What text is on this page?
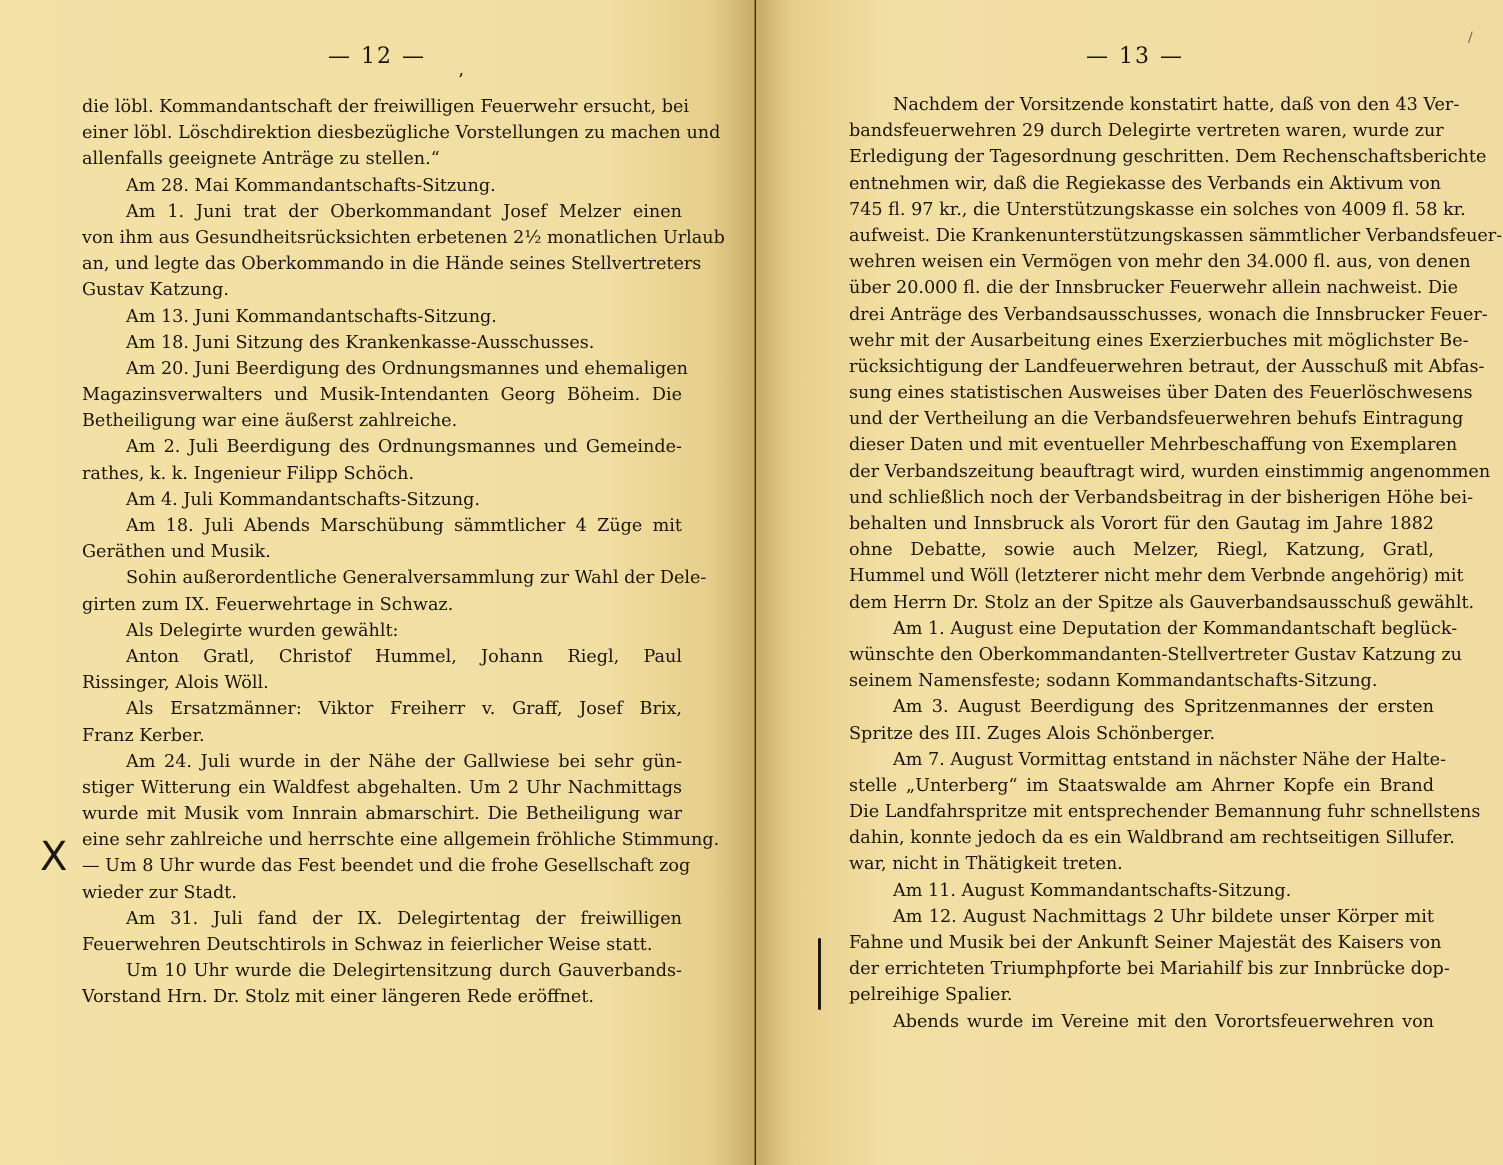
— 12 —
’
die löbl. Kommandantschaft der freiwilligen Feuerwehr ersucht, bei
einer löbl. Löschdirektion diesbezügliche Vorstellungen zu machen und
allenfalls geeignete Anträge zu stellen.“
Am 28. Mai Kommandantschafts-Sitzung.
Am 1. Juni trat der Oberkommandant Josef Melzer einen
von ihm aus Gesundheitsrücksichten erbetenen 2½ monatlichen Urlaub
an, und legte das Oberkommando in die Hände seines Stellvertreters
Gustav Katzung.
Am 13. Juni Kommandantschafts-Sitzung.
Am 18. Juni Sitzung des Krankenkasse-Ausschusses.
Am 20. Juni Beerdigung des Ordnungsmannes und ehemaligen
Magazinsverwalters und Musik-Intendanten Georg Böheim. Die
Betheiligung war eine äußerst zahlreiche.
Am 2. Juli Beerdigung des Ordnungsmannes und Gemeinde-
rathes, k. k. Ingenieur Filipp Schöch.
Am 4. Juli Kommandantschafts-Sitzung.
Am 18. Juli Abends Marschübung sämmtlicher 4 Züge mit
Geräthen und Musik.
Sohin außerordentliche Generalversammlung zur Wahl der Dele-
girten zum IX. Feuerwehrtage in Schwaz.
Als Delegirte wurden gewählt:
Anton Gratl, Christof Hummel, Johann Riegl, Paul
Rissinger, Alois Wöll.
Als Ersatzmänner: Viktor Freiherr v. Graff, Josef Brix,
Franz Kerber.
Am 24. Juli wurde in der Nähe der Gallwiese bei sehr gün-
stiger Witterung ein Waldfest abgehalten. Um 2 Uhr Nachmittags
wurde mit Musik vom Innrain abmarschirt. Die Betheiligung war
eine sehr zahlreiche und herrschte eine allgemein fröhliche Stimmung.
— Um 8 Uhr wurde das Fest beendet und die frohe Gesellschaft zog
wieder zur Stadt.
Am 31. Juli fand der IX. Delegirtentag der freiwilligen
Feuerwehren Deutschtirols in Schwaz in feierlicher Weise statt.
Um 10 Uhr wurde die Delegirtensitzung durch Gauverbands-
Vorstand Hrn. Dr. Stolz mit einer längeren Rede eröffnet.
X
— 13 —
/
Nachdem der Vorsitzende konstatirt hatte, daß von den 43 Ver-
bandsfeuerwehren 29 durch Delegirte vertreten waren, wurde zur
Erledigung der Tagesordnung geschritten. Dem Rechenschaftsberichte
entnehmen wir, daß die Regiekasse des Verbands ein Aktivum von
745 fl. 97 kr., die Unterstützungskasse ein solches von 4009 fl. 58 kr.
aufweist. Die Krankenunterstützungskassen sämmtlicher Verbandsfeuer-
wehren weisen ein Vermögen von mehr den 34.000 fl. aus, von denen
über 20.000 fl. die der Innsbrucker Feuerwehr allein nachweist. Die
drei Anträge des Verbandsausschusses, wonach die Innsbrucker Feuer-
wehr mit der Ausarbeitung eines Exerzierbuches mit möglichster Be-
rücksichtigung der Landfeuerwehren betraut, der Ausschuß mit Abfas-
sung eines statistischen Ausweises über Daten des Feuerlöschwesens
und der Vertheilung an die Verbandsfeuerwehren behufs Eintragung
dieser Daten und mit eventueller Mehrbeschaffung von Exemplaren
der Verbandszeitung beauftragt wird, wurden einstimmig angenommen
und schließlich noch der Verbandsbeitrag in der bisherigen Höhe bei-
behalten und Innsbruck als Vorort für den Gautag im Jahre 1882
ohne Debatte, sowie auch Melzer, Riegl, Katzung, Gratl,
Hummel und Wöll (letzterer nicht mehr dem Verbnde angehörig) mit
dem Herrn Dr. Stolz an der Spitze als Gauverbandsausschuß gewählt.
Am 1. August eine Deputation der Kommandantschaft beglück-
wünschte den Oberkommandanten-Stellvertreter Gustav Katzung zu
seinem Namensfeste; sodann Kommandantschafts-Sitzung.
Am 3. August Beerdigung des Spritzenmannes der ersten
Spritze des III. Zuges Alois Schönberger.
Am 7. August Vormittag entstand in nächster Nähe der Halte-
stelle „Unterberg“ im Staatswalde am Ahrner Kopfe ein Brand
Die Landfahrspritze mit entsprechender Bemannung fuhr schnellstens
dahin, konnte jedoch da es ein Waldbrand am rechtseitigen Sillufer.
war, nicht in Thätigkeit treten.
Am 11. August Kommandantschafts-Sitzung.
Am 12. August Nachmittags 2 Uhr bildete unser Körper mit
Fahne und Musik bei der Ankunft Seiner Majestät des Kaisers von
der errichteten Triumphpforte bei Mariahilf bis zur Innbrücke dop-
pelreihige Spalier.
Abends wurde im Vereine mit den Vorortsfeuerwehren von
